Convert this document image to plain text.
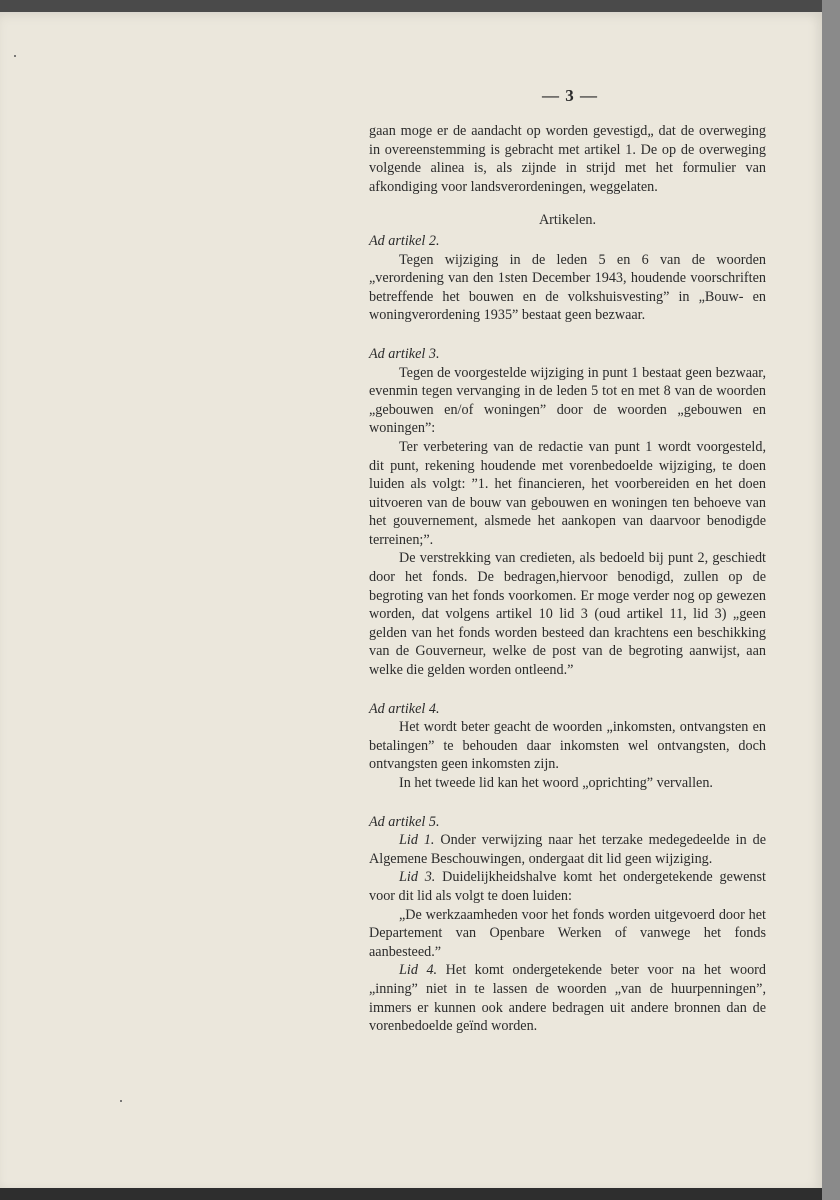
— 3 —

gaan moge er de aandacht op worden gevestigd„ dat de overweging in overeenstemming is gebracht met artikel 1. De op de overweging volgende alinea is, als zijnde in strijd met het formulier van afkondiging voor landsverordeningen, weggelaten.

Artikelen.

Ad artikel 2.

Tegen wijziging in de leden 5 en 6 van de woorden „verordening van den 1sten December 1943, houdende voorschriften betreffende het bouwen en de volkshuisvesting” in „Bouw- en woningverordening 1935” bestaat geen bezwaar.

Ad artikel 3.

Tegen de voorgestelde wijziging in punt 1 bestaat geen bezwaar, evenmin tegen vervanging in de leden 5 tot en met 8 van de woorden „gebouwen en/of woningen” door de woorden „gebouwen en woningen”:

Ter verbetering van de redactie van punt 1 wordt voorgesteld, dit punt, rekening houdende met vorenbedoelde wijziging, te doen luiden als volgt: ”1. het financieren, het voorbereiden en het doen uitvoeren van de bouw van gebouwen en woningen ten behoeve van het gouvernement, alsmede het aankopen van daarvoor benodigde terreinen;”.

De verstrekking van credieten, als bedoeld bij punt 2, geschiedt door het fonds. De bedragen,hiervoor benodigd, zullen op de begroting van het fonds voorkomen. Er moge verder nog op gewezen worden, dat volgens artikel 10 lid 3 (oud artikel 11, lid 3) „geen gelden van het fonds worden besteed dan krachtens een beschikking van de Gouverneur, welke de post van de begroting aanwijst, aan welke die gelden worden ontleend.”

Ad artikel 4.

Het wordt beter geacht de woorden „inkomsten, ontvangsten en betalingen” te behouden daar inkomsten wel ontvangsten, doch ontvangsten geen inkomsten zijn.

In het tweede lid kan het woord „oprichting” vervallen.

Ad artikel 5.

Lid 1. Onder verwijzing naar het terzake medegedeelde in de Algemene Beschouwingen, ondergaat dit lid geen wijziging.

Lid 3. Duidelijkheidshalve komt het ondergetekende gewenst voor dit lid als volgt te doen luiden:

„De werkzaamheden voor het fonds worden uitgevoerd door het Departement van Openbare Werken of vanwege het fonds aanbesteed.”

Lid 4. Het komt ondergetekende beter voor na het woord „inning” niet in te lassen de woorden „van de huurpenningen”, immers er kunnen ook andere bedragen uit andere bronnen dan de vorenbedoelde geïnd worden.
